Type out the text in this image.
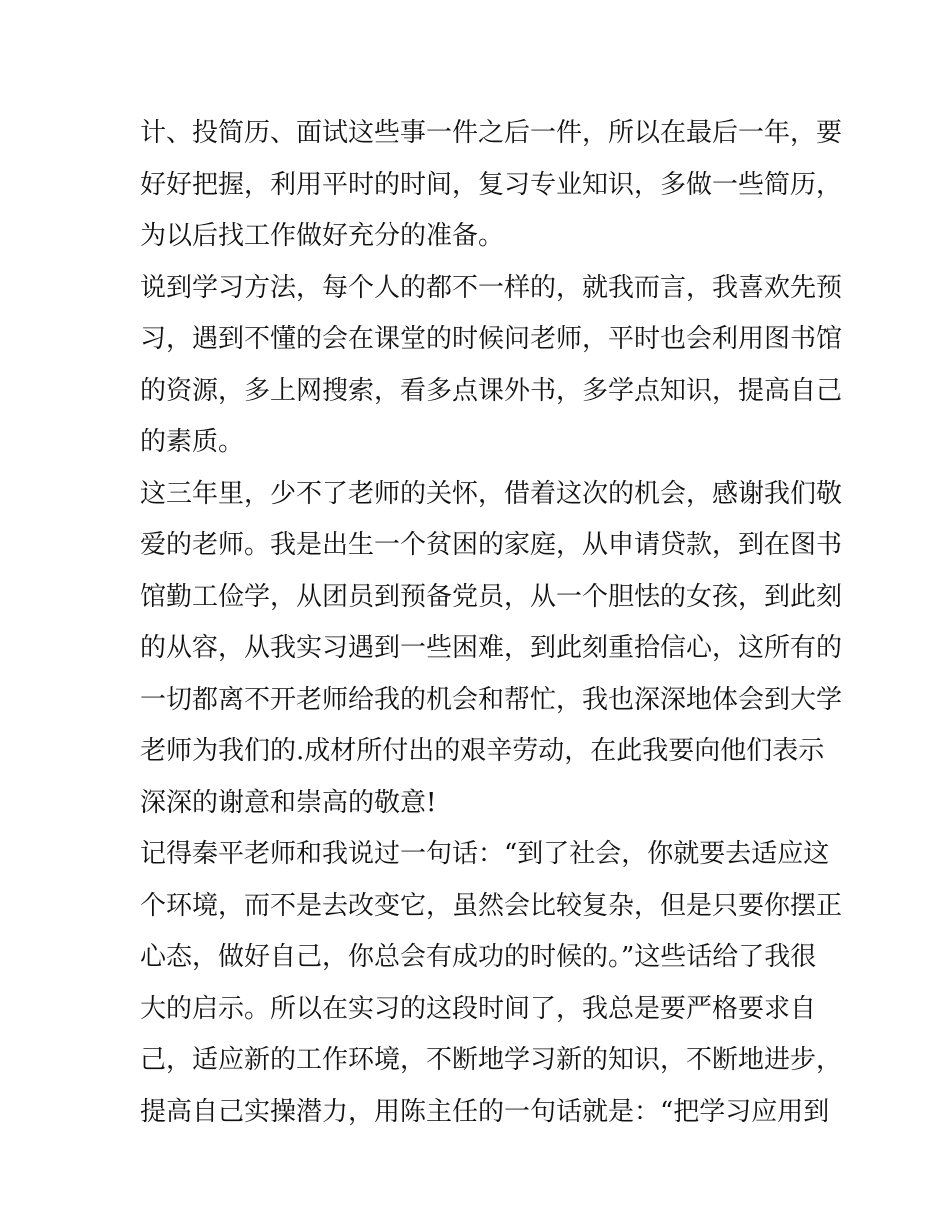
计、投简历、面试这些事一件之后一件，所以在最后一年，要
好好把握，利用平时的时间，复习专业知识，多做一些简历，
为以后找工作做好充分的准备。
说到学习方法，每个人的都不一样的，就我而言，我喜欢先预
习，遇到不懂的会在课堂的时候问老师，平时也会利用图书馆
的资源，多上网搜索，看多点课外书，多学点知识，提高自己
的素质。
这三年里，少不了老师的关怀，借着这次的机会，感谢我们敬
爱的老师。我是出生一个贫困的家庭，从申请贷款，到在图书
馆勤工俭学，从团员到预备党员，从一个胆怯的女孩，到此刻
的从容，从我实习遇到一些困难，到此刻重拾信心，这所有的
一切都离不开老师给我的机会和帮忙，我也深深地体会到大学
老师为我们的.成材所付出的艰辛劳动，在此我要向他们表示
深深的谢意和崇高的敬意!
记得秦平老师和我说过一句话：“到了社会，你就要去适应这
个环境，而不是去改变它，虽然会比较复杂，但是只要你摆正
心态，做好自己，你总会有成功的时候的。”这些话给了我很
大的启示。所以在实习的这段时间了，我总是要严格要求自
己，适应新的工作环境，不断地学习新的知识，不断地进步，
提高自己实操潜力，用陈主任的一句话就是：“把学习应用到
